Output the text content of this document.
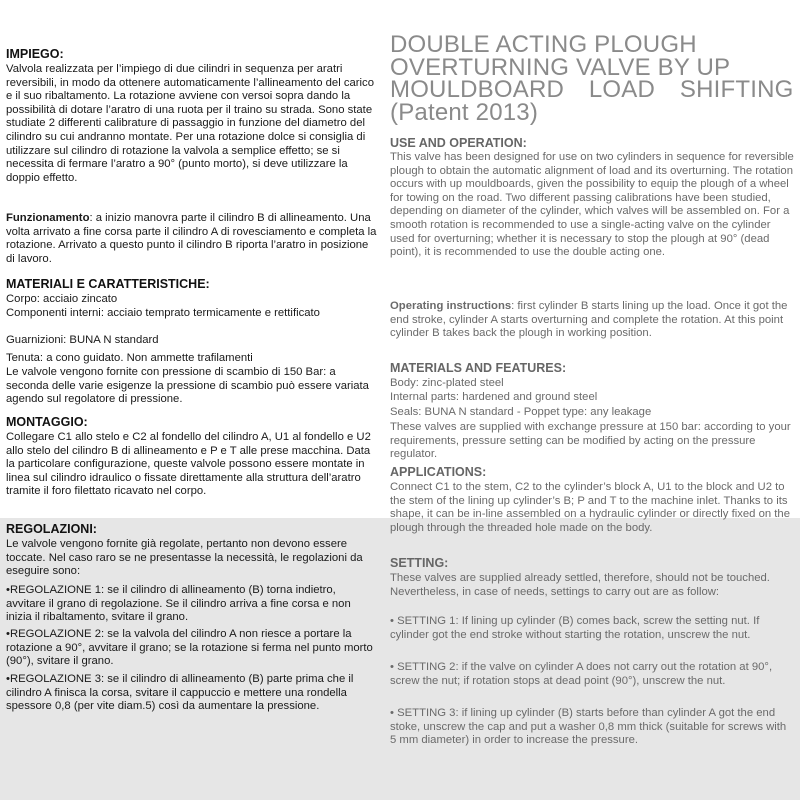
IMPIEGO:

Valvola realizzata per l’impiego di due cilindri in sequenza per aratri reversibili, in modo da ottenere automaticamente l’allineamento del carico e il suo ribaltamento. La rotazione avviene con versoi sopra dando la possibilità di dotare l’aratro di una ruota per il traino su strada. Sono state studiate 2 differenti calibrature di passaggio in funzione del diametro del cilindro su cui andranno montate. Per una rotazione dolce si consiglia di utilizzare sul cilindro di rotazione la valvola a semplice effetto; se si necessita di fermare l’aratro a 90° (punto morto), si deve utilizzare la doppio effetto.

Funzionamento: a inizio manovra parte il cilindro B di allineamento. Una volta arrivato a fine corsa parte il cilindro A di rovesciamento e completa la rotazione. Arrivato a questo punto il cilindro B riporta l’aratro in posizione di lavoro.

MATERIALI E CARATTERISTICHE:

Corpo: acciaio zincato

Componenti interni: acciaio temprato termicamente e rettificato

Guarnizioni: BUNA N standard

Tenuta: a cono guidato. Non ammette trafilamenti

Le valvole vengono fornite con pressione di scambio di 150 Bar: a seconda delle varie esigenze la pressione di scambio può essere variata agendo sul regolatore di pressione.

MONTAGGIO:

Collegare C1 allo stelo e C2 al fondello del cilindro A, U1 al fondello e U2 allo stelo del cilindro B di allineamento e P e T alle prese macchina. Data la particolare configurazione, queste valvole possono essere montate in linea sul cilindro idraulico o fissate direttamente alla struttura dell’aratro tramite il foro filettato ricavato nel corpo.

REGOLAZIONI:

Le valvole vengono fornite già regolate, pertanto non devono essere toccate. Nel caso raro se ne presentasse la necessità, le regolazioni da eseguire sono:

•REGOLAZIONE 1: se il cilindro di allineamento (B) torna indietro, avvitare il grano di regolazione. Se il cilindro arriva a fine corsa e non inizia il ribaltamento, svitare il grano.

•REGOLAZIONE 2: se la valvola del cilindro A non riesce a portare la rotazione a 90°, avvitare il grano; se la rotazione si ferma nel punto morto (90°), svitare il grano.

•REGOLAZIONE 3: se il cilindro di allineamento (B) parte prima che il cilindro A finisca la corsa, svitare il cappuccio e mettere una rondella spessore 0,8 (per vite diam.5) così da aumentare la pressione.

DOUBLE ACTING PLOUGH
OVERTURNING VALVE BY UP
MOULDBOARD LOAD SHIFTING
(Patent 2013)
USE AND OPERATION:

This valve has been designed for use on two cylinders in sequence for reversible plough to obtain the automatic alignment of load and its overturning. The rotation occurs with up mouldboards, given the possibility to equip the plough of a wheel for towing on the road. Two different passing calibrations have been studied, depending on diameter of the cylinder, which valves will be assembled on. For a smooth rotation is recommended to use a single-acting valve on the cylinder used for overturning; whether it is necessary to stop the plough at 90° (dead point), it is recommended to use the double acting one.

Operating instructions: first cylinder B starts lining up the load. Once it got the end stroke, cylinder A starts overturning and complete the rotation. At this point cylinder B takes back the plough in working position.

MATERIALS AND FEATURES:

Body: zinc-plated steel

Internal parts: hardened and ground steel

Seals: BUNA N standard - Poppet type: any leakage

These valves are supplied with exchange pressure at 150 bar: according to your requirements, pressure setting can be modified by acting on the pressure regulator.

APPLICATIONS:

Connect C1 to the stem, C2 to the cylinder’s block A, U1 to the block and U2 to the stem of the lining up cylinder’s B; P and T to the machine inlet. Thanks to its shape, it can be in-line assembled on a hydraulic cylinder or directly fixed on the plough through the threaded hole made on the body.

SETTING:

These valves are supplied already settled, therefore, should not be touched. Nevertheless, in case of needs, settings to carry out are as follow:

• SETTING 1: If lining up cylinder (B) comes back, screw the setting nut. If cylinder got the end stroke without starting the rotation, unscrew the nut.

• SETTING 2: if the valve on cylinder A does not carry out the rotation at 90°, screw the nut; if rotation stops at dead point (90°), unscrew the nut.

• SETTING 3: if lining up cylinder (B) starts before than cylinder A got the end stoke, unscrew the cap and put a washer 0,8 mm thick (suitable for screws with 5 mm diameter) in order to increase the pressure.
